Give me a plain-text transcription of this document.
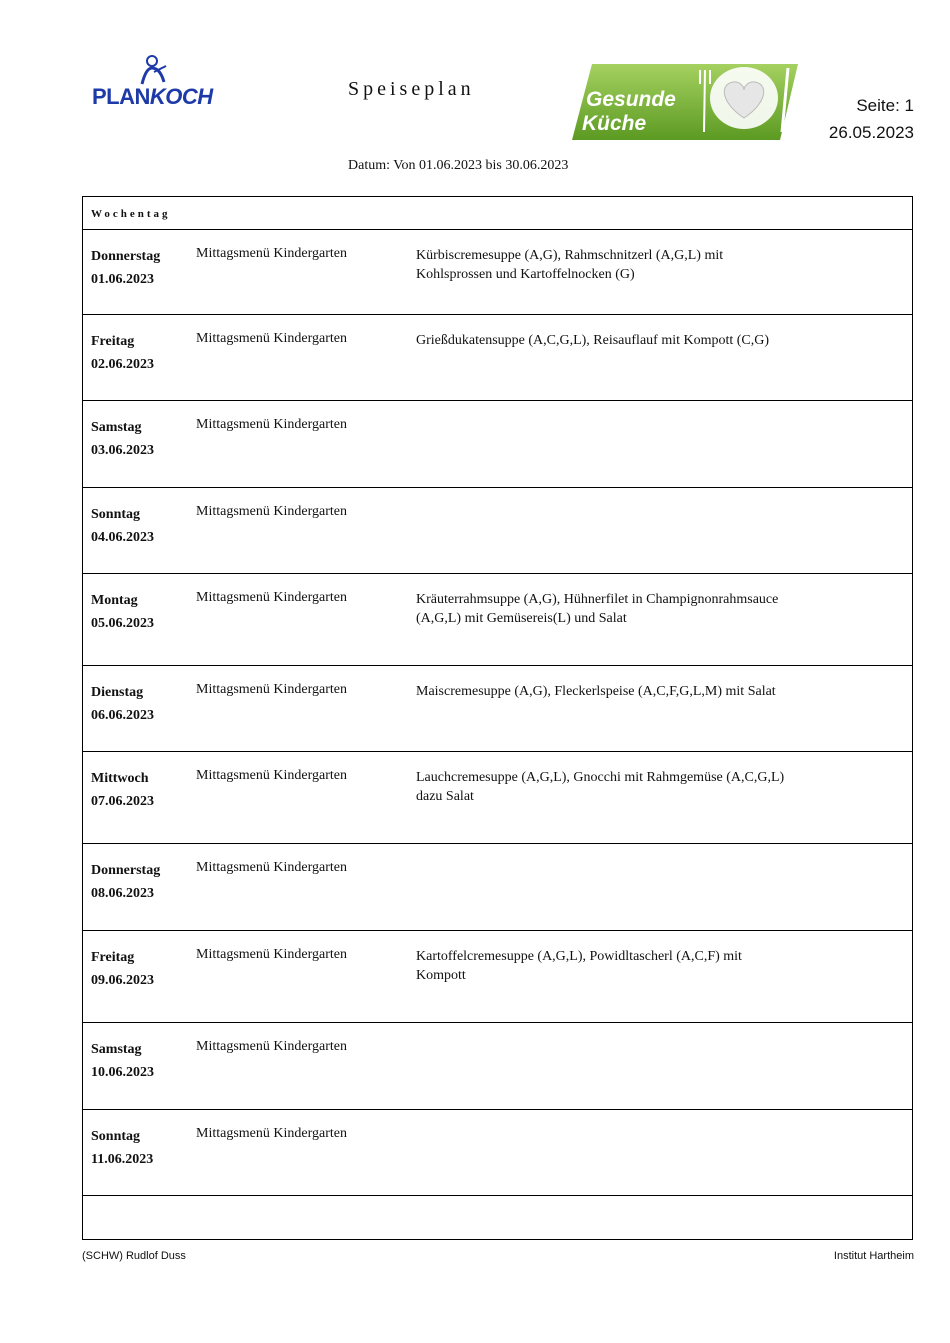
PLANKOCH	Speiseplan	Gesunde
Küche
Seite: 1
26.05.2023
Datum: Von 01.06.2023 bis 30.06.2023
Wochentag
Donnerstag
01.06.2023
Mittagsmenü Kindergarten	Kürbiscremesuppe (A,G), Rahmschnitzerl (A,G,L) mit
Kohlsprossen und Kartoffelnocken (G)
Freitag
02.06.2023
Mittagsmenü Kindergarten	Grießdukatensuppe (A,C,G,L), Reisauflauf mit Kompott (C,G)
Samstag
03.06.2023
Mittagsmenü Kindergarten
Sonntag
04.06.2023
Mittagsmenü Kindergarten
Montag
05.06.2023
Mittagsmenü Kindergarten	Kräuterrahmsuppe (A,G), Hühnerfilet in Champignonrahmsauce
(A,G,L) mit Gemüsereis(L) und Salat
Dienstag
06.06.2023
Mittagsmenü Kindergarten	Maiscremesuppe (A,G), Fleckerlspeise (A,C,F,G,L,M) mit Salat
Mittwoch
07.06.2023
Mittagsmenü Kindergarten	Lauchcremesuppe (A,G,L), Gnocchi mit Rahmgemüse (A,C,G,L)
dazu Salat
Donnerstag
08.06.2023
Mittagsmenü Kindergarten
Freitag
09.06.2023
Mittagsmenü Kindergarten	Kartoffelcremesuppe (A,G,L), Powidltascherl (A,C,F) mit
Kompott
Samstag
10.06.2023
Mittagsmenü Kindergarten
Sonntag
11.06.2023
Mittagsmenü Kindergarten
(SCHW) Rudlof Duss	Institut Hartheim
